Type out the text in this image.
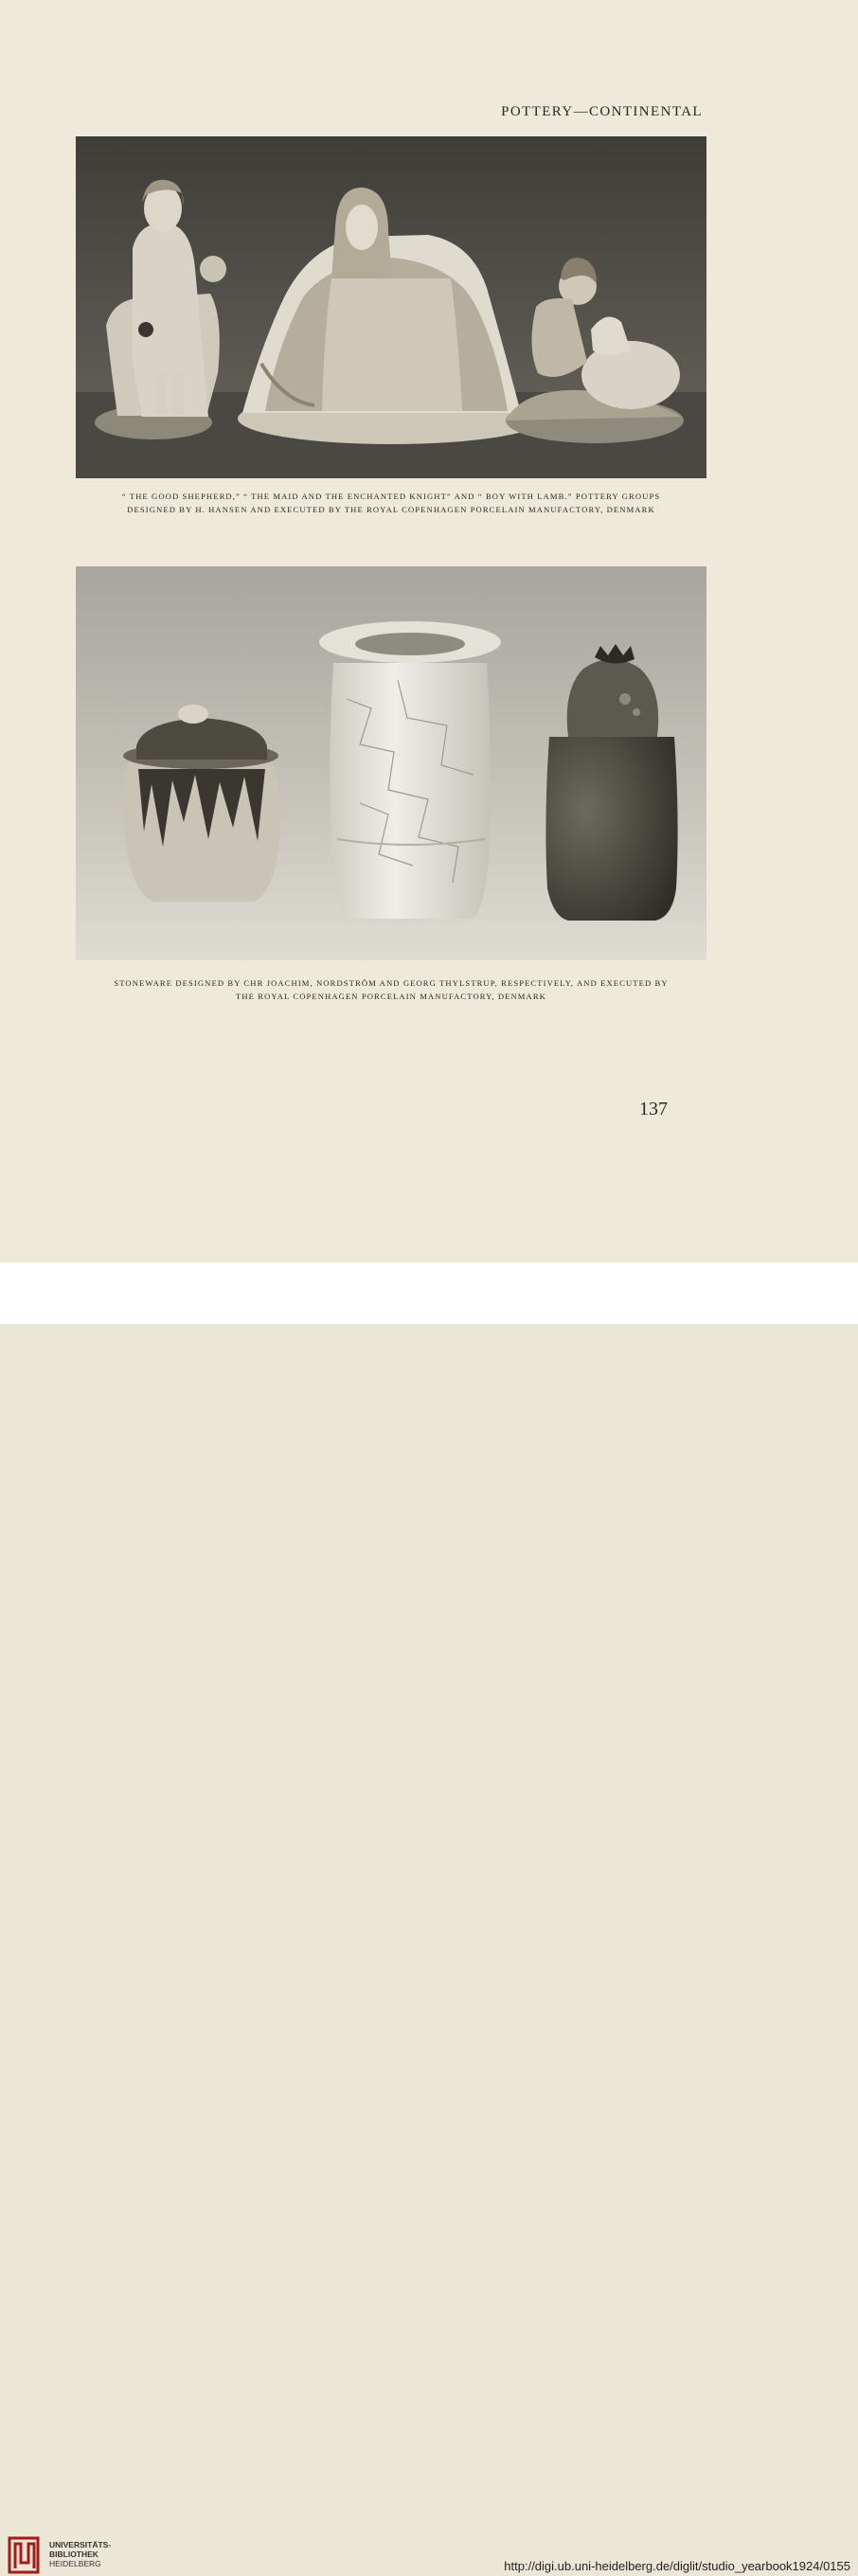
POTTERY—CONTINENTAL
“ THE GOOD SHEPHERD,” “ THE MAID AND THE ENCHANTED KNIGHT” AND “ BOY WITH LAMB.” POTTERY GROUPS
DESIGNED BY H. HANSEN AND EXECUTED BY THE ROYAL COPENHAGEN PORCELAIN MANUFACTORY, DENMARK
STONEWARE DESIGNED BY CHR JOACHIM, NORDSTRÖM AND GEORG THYLSTRUP, RESPECTIVELY, AND EXECUTED BY
THE ROYAL COPENHAGEN PORCELAIN MANUFACTORY, DENMARK
137
UNIVERSITÄTS-
BIBLIOTHEK
HEIDELBERG	http://digi.ub.uni-heidelberg.de/diglit/studio_yearbook1924/0155
